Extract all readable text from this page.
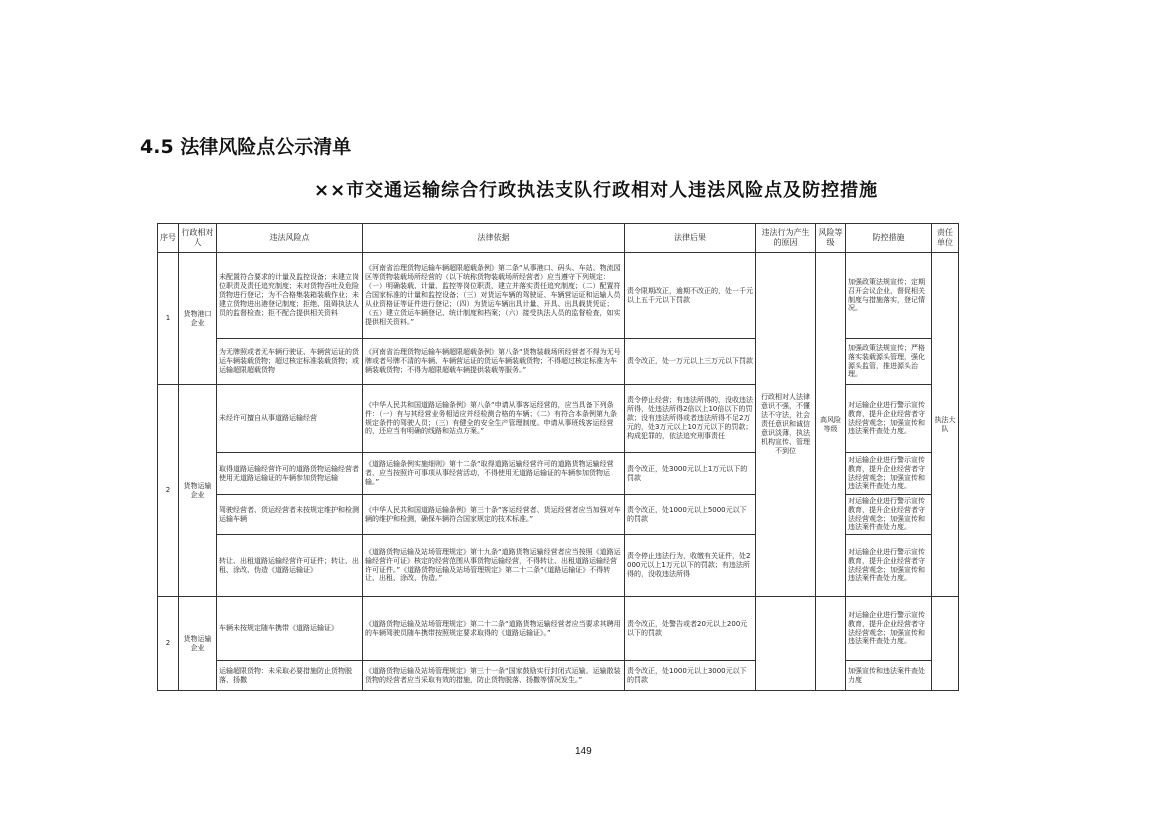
4.5 法律风险点公示清单
××市交通运输综合行政执法支队行政相对人违法风险点及防控措施
序号	行政相对人	违法风险点	法律依据	法律后果	违法行为产生的原因	风险等级	防控措施	责任单位
1	货物港口企业	未配置符合要求的计量及监控设备；未建立岗位职责及责任追究制度；未对货物吞吐及危险货物进行登记；为不合格集装箱装载作业；未建立货物进出港登记制度；拒绝、阻碍执法人员的监督检查；拒不配合提供相关资料	《河南省治理货物运输车辆超限超载条例》第二条“从事港口、码头、车站、物流园区等货物装载场所经营的（以下统称货物装载场所经营者）应当遵守下列规定：（一）明确装载、计量、监控等岗位职责，建立并落实责任追究制度；（二）配置符合国家标准的计量和监控设备；（三）对货运车辆的驾驶证、车辆营运证和运输人员从业资格证等证件进行登记；（四）为货运车辆出具计量、开具、出具载货凭证；（五）建立货运车辆登记、统计制度和档案；（六）接受执法人员的监督检查，如实提供相关资料。”	责令限期改正，逾期不改正的，处一千元以上五千元以下罚款	行政相对人法律意识不强，不懂法不守法，社会责任意识和诚信意识淡薄，执法机构宣传、管理不到位	高风险等级	加强政策法规宣传；定期召开会议企业，督促相关制度与措施落实，登记情况。	执法大队
		为无牌照或者无车辆行驶证、车辆营运证的货运车辆装载货物；超过核定标准装载货物；或运输超限超载货物	《河南省治理货物运输车辆超限超载条例》第八条“货物装载场所经营者不得为无号牌或者号牌不清的车辆、车辆营运证的货运车辆装载货物；不得超过核定标准为车辆装载货物；不得为超限超载车辆提供装载等服务。”	责令改正，处一万元以上三万元以下罚款			加强政策法规宣传；严格落实装载源头管理，强化源头监管，推进源头治理。	
2	货物运输企业	未经许可擅自从事道路运输经营	《中华人民共和国道路运输条例》第八条“申请从事客运经营的，应当具备下列条件：（一）有与其经营业务相适应并经检测合格的车辆；（二）有符合本条例第九条规定条件的驾驶人员；（三）有健全的安全生产管理制度。申请从事班线客运经营的，还应当有明确的线路和站点方案。”	责令停止经营；有违法所得的，没收违法所得，处违法所得2倍以上10倍以下的罚款；没有违法所得或者违法所得不足2万元的，处3万元以上10万元以下的罚款；构成犯罪的，依法追究刑事责任			对运输企业进行警示宣传教育，提升企业经营者守法经营观念；加强宣传和违法案件查处力度。	
		取得道路运输经营许可的道路货物运输经营者使用无道路运输证的车辆参加货物运输	《道路运输条例实施细则》第十二条“取得道路运输经营许可的道路货物运输经营者，应当按照许可事项从事经营活动，不得使用无道路运输证的车辆参加货物运输。”	责令改正，处3000元以上1万元以下的罚款			对运输企业进行警示宣传教育，提升企业经营者守法经营观念；加强宣传和违法案件查处力度。	
		驾驶经营者、货运经营者未按规定维护和检测运输车辆	《中华人民共和国道路运输条例》第三十条“客运经营者、货运经营者应当加强对车辆的维护和检测，确保车辆符合国家规定的技术标准。”	责令改正，处1000元以上5000元以下的罚款			对运输企业进行警示宣传教育，提升企业经营者守法经营观念；加强宣传和违法案件查处力度。	
		转让、出租道路运输经营许可证件；转让、出租、涂改、伪造《道路运输证》	《道路货物运输及站场管理规定》第十九条“道路货物运输经营者应当按照《道路运输经营许可证》核定的经营范围从事货物运输经营，不得转让、出租道路运输经营许可证件。”《道路货物运输及站场管理规定》第二十二条“《道路运输证》不得转让、出租、涂改、伪造。”	责令停止违法行为，收缴有关证件，处2000元以上1万元以下的罚款；有违法所得的，没收违法所得			对运输企业进行警示宣传教育，提升企业经营者守法经营观念；加强宣传和违法案件查处力度。	
2	货物运输企业	车辆未按规定随车携带《道路运输证》	《道路货物运输及站场管理规定》第二十二条“道路货物运输经营者应当要求其聘用的车辆驾驶员随车携带按照规定要求取得的《道路运输证》。”	责令改正，处警告或者20元以上200元以下的罚款			对运输企业进行警示宣传教育，提升企业经营者守法经营观念；加强宣传和违法案件查处力度。	
		运输超限货物：未采取必要措施防止货物脱落、扬撒	《道路货物运输及站场管理规定》第三十一条“国家鼓励实行封闭式运输。运输散装货物的经营者应当采取有效的措施，防止货物脱落、扬撒等情况发生。”	责令改正，处1000元以上3000元以下的罚款			加强宣传和违法案件查处力度	
149
